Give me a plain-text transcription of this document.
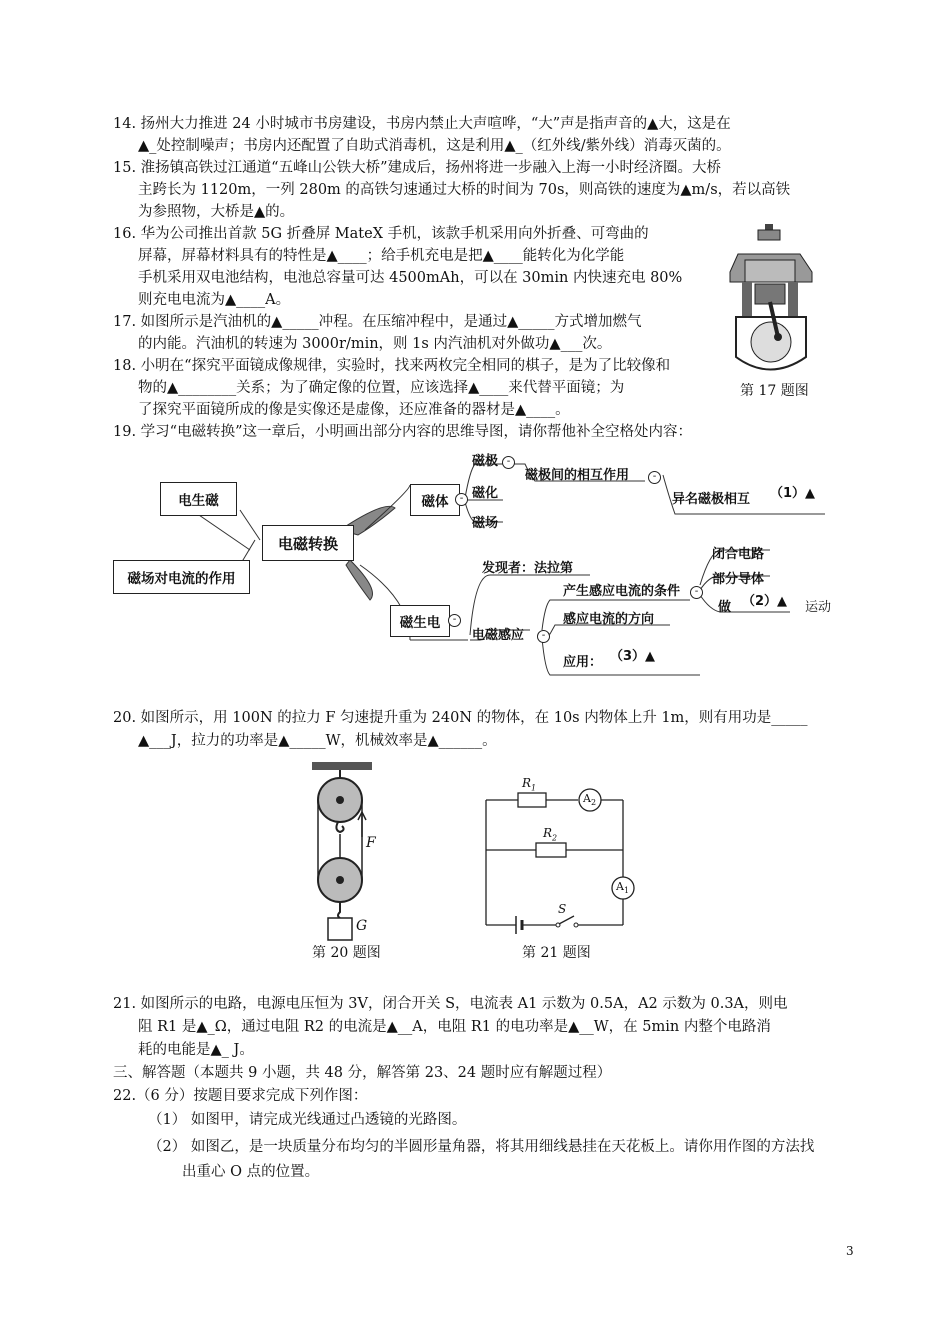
14. 扬州大力推进 24 小时城市书房建设，书房内禁止大声喧哗，“大”声是指声音的▲大，这是在
▲_处控制噪声；书房内还配置了自助式消毒机，这是利用▲_（红外线/紫外线）消毒灭菌的。
15. 淮扬镇高铁过江通道“五峰山公铁大桥”建成后，扬州将进一步融入上海一小时经济圈。大桥
主跨长为 1120m，一列 280m 的高铁匀速通过大桥的时间为 70s，则高铁的速度为▲m/s，若以高铁
为参照物，大桥是▲的。
16. 华为公司推出首款 5G 折叠屏 MateX 手机，该款手机采用向外折叠、可弯曲的
屏幕，屏幕材料具有的特性是▲____；给手机充电是把▲____能转化为化学能
手机采用双电池结构，电池总容量可达 4500mAh，可以在 30min 内快速充电 80%
则充电电流为▲____A。
17. 如图所示是汽油机的▲_____冲程。在压缩冲程中，是通过▲_____方式增加燃气
的内能。汽油机的转速为 3000r/min，则 1s 内汽油机对外做功▲___次。
18. 小明在“探究平面镜成像规律，实验时，找来两枚完全相同的棋子，是为了比较像和
物的▲________关系；为了确定像的位置，应该选择▲____来代替平面镜；为
了探究平面镜所成的像是实像还是虚像，还应准备的器材是▲____。
19. 学习“电磁转换”这一章后，小明画出部分内容的思维导图，请你帮他补全空格处内容：
第 17 题图
电生磁
电磁转换
磁场对电流的作用
磁体	-
磁极 -
磁化
磁场
磁极间的相互作用	-
异名磁极相互 （1）▲
磁生电	-
发现者：法拉第
电磁感应	-
产生感应电流的条件	-
感应电流的方向
应用： （3）▲
闭合电路
部分导体
做 （2）▲ 运动
20. 如图所示，用 100N 的拉力 F 匀速提升重为 240N 的物体，在 10s 内物体上升 1m，则有用功是_____
▲___J，拉力的功率是▲_____W，机械效率是▲______。
F
G
第 20 题图
$R_1$
$A_2$
$R_2$
$A_1$
S
第 21 题图
21. 如图所示的电路，电源电压恒为 3V，闭合开关 S，电流表 A1 示数为 0.5A，A2 示数为 0.3A，则电
阻 R1 是▲_Ω，通过电阻 R2 的电流是▲__A，电阻 R1 的电功率是▲__W，在 5min 内整个电路消
耗的电能是▲_ J。
三、解答题（本题共 9 小题，共 48 分，解答第 23、24 题时应有解题过程）
22.（6 分）按题目要求完成下列作图：
（1） 如图甲，请完成光线通过凸透镜的光路图。
（2） 如图乙，是一块质量分布均匀的半圆形量角器，将其用细线悬挂在天花板上。请你用作图的方法找
出重心 O 点的位置。
3
